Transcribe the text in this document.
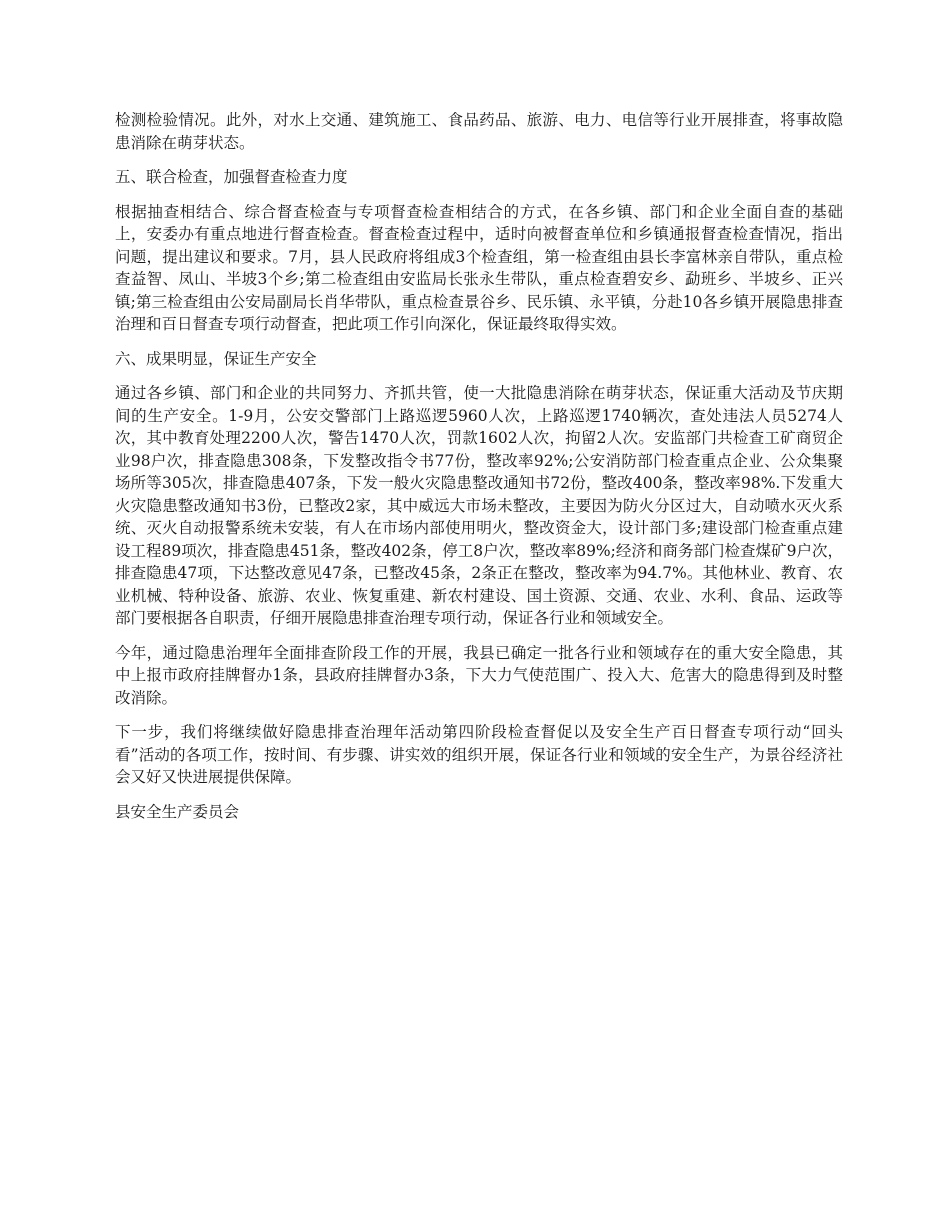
检测检验情况。此外，对水上交通、建筑施工、食品药品、旅游、电力、电信等行业开展排查，将事故隐患消除在萌芽状态。

五、联合检查，加强督查检查力度

根据抽查相结合、综合督查检查与专项督查检查相结合的方式，在各乡镇、部门和企业全面自查的基础上，安委办有重点地进行督查检查。督查检查过程中，适时向被督查单位和乡镇通报督查检查情况，指出问题，提出建议和要求。7月，县人民政府将组成3个检查组，第一检查组由县长李富林亲自带队，重点检查益智、凤山、半坡3个乡;第二检查组由安监局长张永生带队，重点检查碧安乡、勐班乡、半坡乡、正兴镇;第三检查组由公安局副局长肖华带队，重点检查景谷乡、民乐镇、永平镇，分赴10各乡镇开展隐患排查治理和百日督查专项行动督查，把此项工作引向深化，保证最终取得实效。

六、成果明显，保证生产安全

通过各乡镇、部门和企业的共同努力、齐抓共管，使一大批隐患消除在萌芽状态，保证重大活动及节庆期间的生产安全。1-9月，公安交警部门上路巡逻5960人次，上路巡逻1740辆次，查处违法人员5274人次，其中教育处理2200人次，警告1470人次，罚款1602人次，拘留2人次。安监部门共检查工矿商贸企业98户次，排查隐患308条，下发整改指令书77份，整改率92%;公安消防部门检查重点企业、公众集聚场所等305次，排查隐患407条，下发一般火灾隐患整改通知书72份，整改400条，整改率98%.下发重大火灾隐患整改通知书3份，已整改2家，其中威远大市场未整改，主要因为防火分区过大，自动喷水灭火系统、灭火自动报警系统未安装，有人在市场内部使用明火，整改资金大，设计部门多;建设部门检查重点建设工程89项次，排查隐患451条，整改402条，停工8户次，整改率89%;经济和商务部门检查煤矿9户次，排查隐患47项，下达整改意见47条，已整改45条，2条正在整改，整改率为94.7%。其他林业、教育、农业机械、特种设备、旅游、农业、恢复重建、新农村建设、国土资源、交通、农业、水利、食品、运政等部门要根据各自职责，仔细开展隐患排查治理专项行动，保证各行业和领域安全。

今年，通过隐患治理年全面排查阶段工作的开展，我县已确定一批各行业和领域存在的重大安全隐患，其中上报市政府挂牌督办1条，县政府挂牌督办3条，下大力气使范围广、投入大、危害大的隐患得到及时整改消除。

下一步，我们将继续做好隐患排查治理年活动第四阶段检查督促以及安全生产百日督查专项行动“回头看”活动的各项工作，按时间、有步骤、讲实效的组织开展，保证各行业和领域的安全生产，为景谷经济社会又好又快进展提供保障。

县安全生产委员会
